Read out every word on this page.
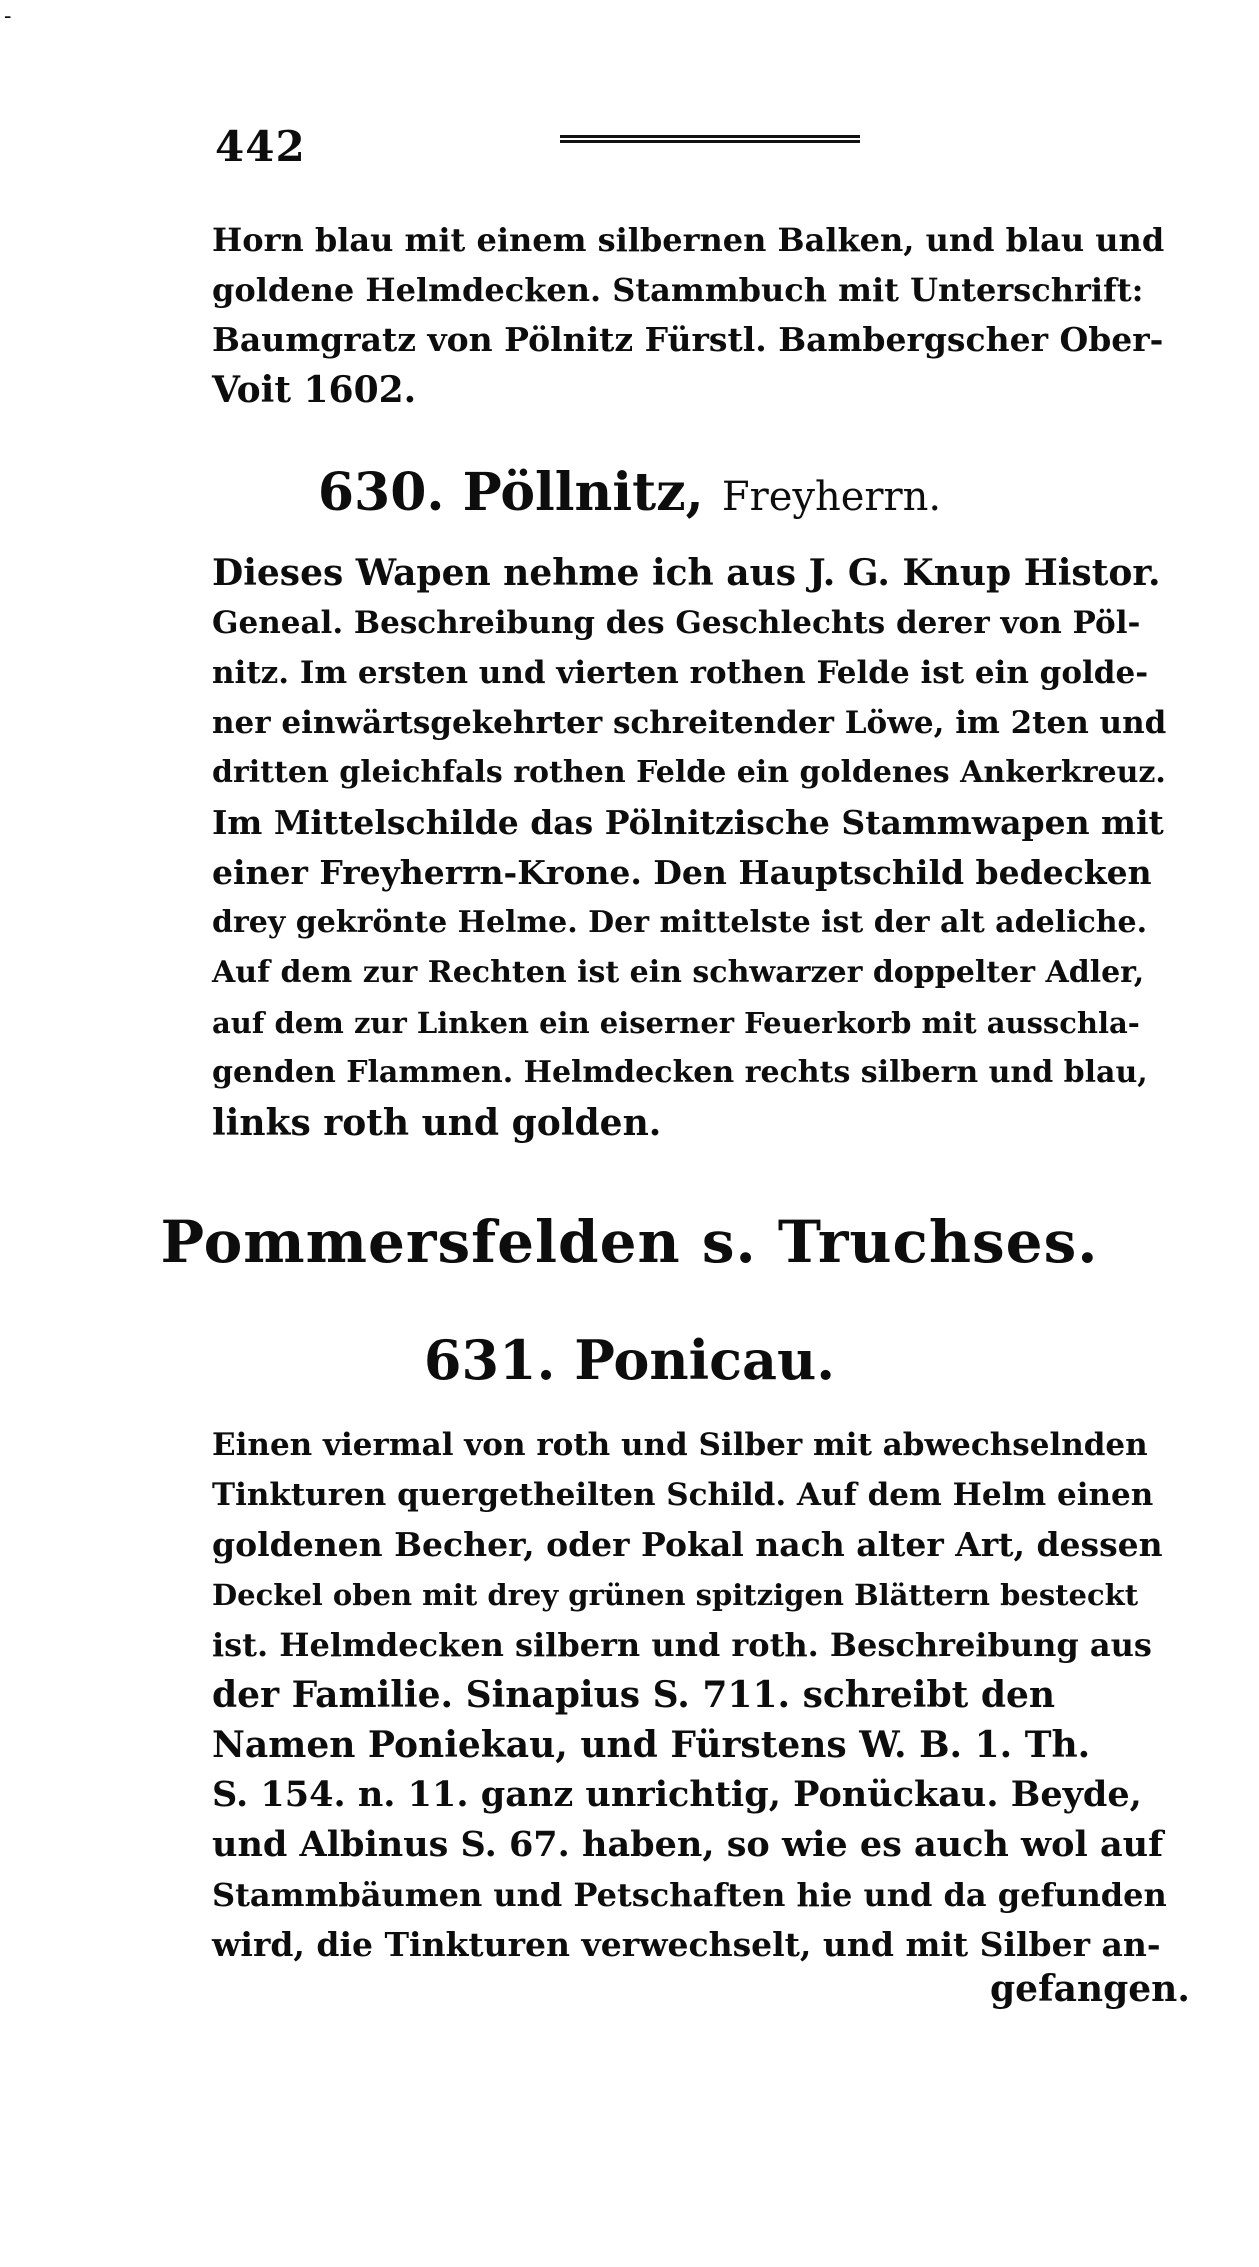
-
442
Horn blau mit einem silbernen Balken, und blau und
goldene Helmdecken. Stammbuch mit Unterschrift:
Baumgratz von Pölnitz Fürstl. Bambergscher Ober-
Voit 1602.
630. Pöllnitz, Freyherrn.
Dieses Wapen nehme ich aus J. G. Knup Histor.
Geneal. Beschreibung des Geschlechts derer von Pöl-
nitz. Im ersten und vierten rothen Felde ist ein golde-
ner einwärtsgekehrter schreitender Löwe, im 2ten und
dritten gleichfals rothen Felde ein goldenes Ankerkreuz.
Im Mittelschilde das Pölnitzische Stammwapen mit
einer Freyherrn-Krone. Den Hauptschild bedecken
drey gekrönte Helme. Der mittelste ist der alt adeliche.
Auf dem zur Rechten ist ein schwarzer doppelter Adler,
auf dem zur Linken ein eiserner Feuerkorb mit ausschla-
genden Flammen. Helmdecken rechts silbern und blau,
links roth und golden.
Pommersfelden s. Truchses.
631. Ponicau.
Einen viermal von roth und Silber mit abwechselnden
Tinkturen quergetheilten Schild. Auf dem Helm einen
goldenen Becher, oder Pokal nach alter Art, dessen
Deckel oben mit drey grünen spitzigen Blättern besteckt
ist. Helmdecken silbern und roth. Beschreibung aus
der Familie. Sinapius S. 711. schreibt den
Namen Poniekau, und Fürstens W. B. 1. Th.
S. 154. n. 11. ganz unrichtig, Ponückau. Beyde,
und Albinus S. 67. haben, so wie es auch wol auf
Stammbäumen und Petschaften hie und da gefunden
wird, die Tinkturen verwechselt, und mit Silber an-
gefangen.
